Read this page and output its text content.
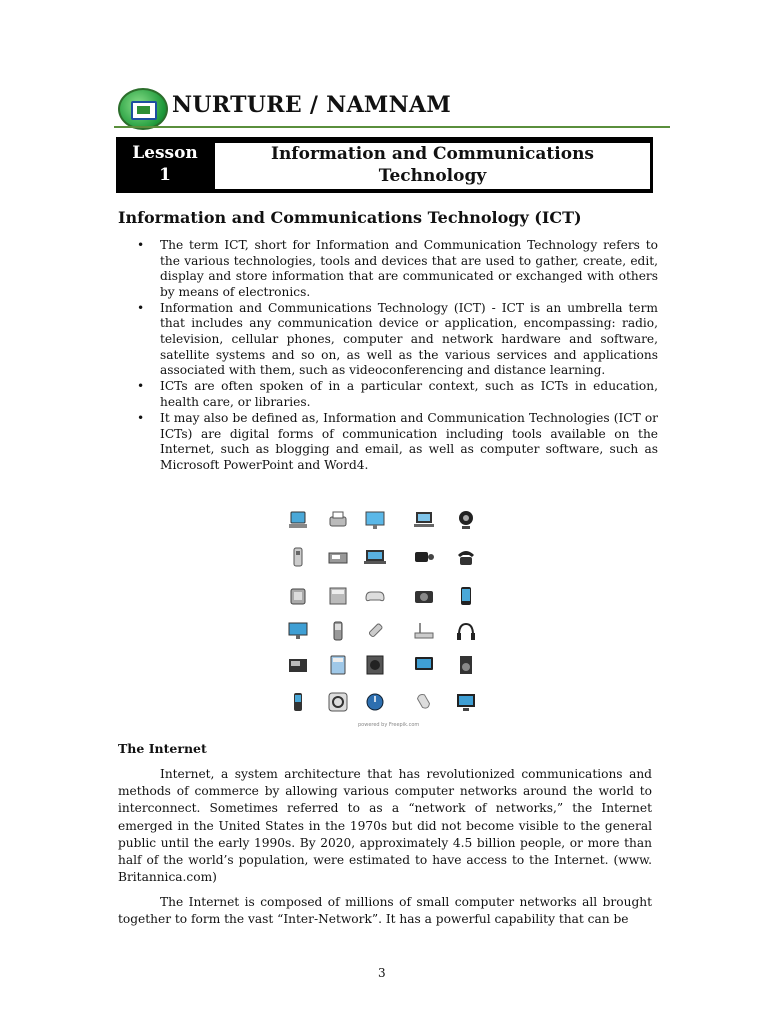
NURTURE / NAMNAM
Lesson
1
Information and Communications
Technology
Information and Communications Technology (ICT)
• The term ICT, short for Information and Communication Technology refers to the various technologies, tools and devices that are used to gather, create, edit, display and store information that are communicated or exchanged with others by means of electronics.
• Information and Communications Technology (ICT) - ICT is an umbrella term that includes any communication device or application, encompassing: radio, television, cellular phones, computer and network hardware and software, satellite systems and so on, as well as the various services and applications associated with them, such as videoconferencing and distance learning.
• ICTs are often spoken of in a particular context, such as ICTs in education, health care, or libraries.
• It may also be defined as, Information and Communication Technologies (ICT or ICTs) are digital forms of communication including tools available on the Internet, such as blogging and email, as well as computer software, such as Microsoft PowerPoint and Word4.
powered by Freepik.com
The Internet

Internet, a system architecture that has revolutionized communications and methods of commerce by allowing various computer networks around the world to interconnect. Sometimes referred to as a “network of networks,” the Internet emerged in the United States in the 1970s but did not become visible to the general public until the early 1990s. By 2020, approximately 4.5 billion people, or more than half of the world’s population, were estimated to have access to the Internet. (www. Britannica.com)

The Internet is composed of millions of small computer networks all brought together to form the vast “Inter-Network”. It has a powerful capability that can be

3
